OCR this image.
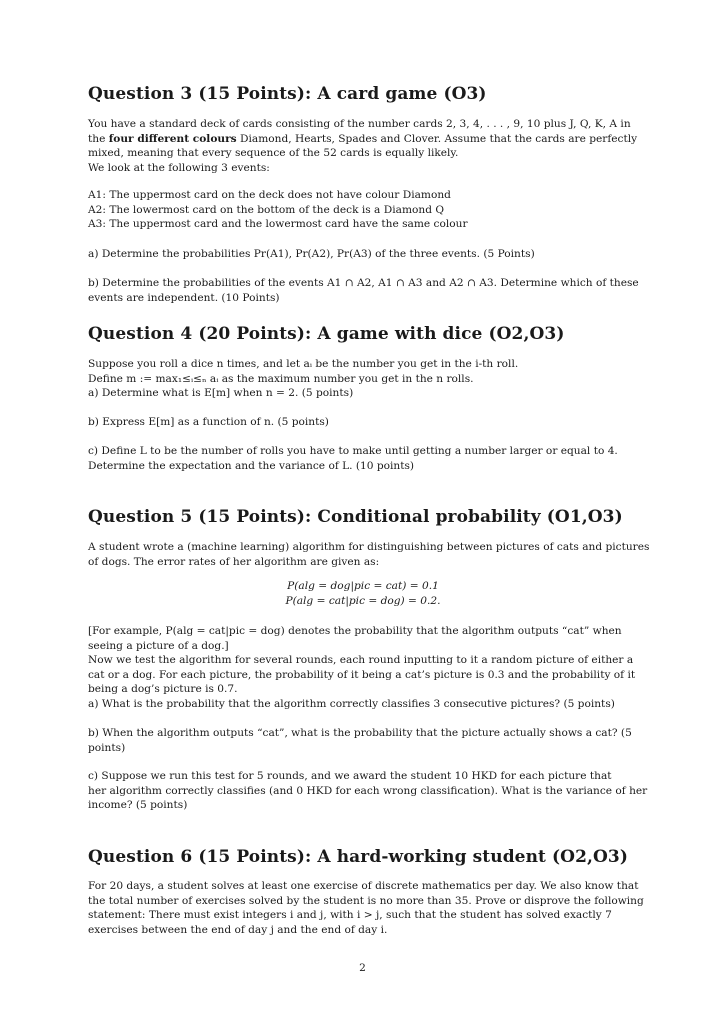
Question 3 (15 Points): A card game (O3)
You have a standard deck of cards consisting of the number cards 2, 3, 4, . . . , 9, 10 plus J, Q, K, A in
the four different colours Diamond, Hearts, Spades and Clover. Assume that the cards are perfectly
mixed, meaning that every sequence of the 52 cards is equally likely.
We look at the following 3 events:
A1: The uppermost card on the deck does not have colour Diamond
A2: The lowermost card on the bottom of the deck is a Diamond Q
A3: The uppermost card and the lowermost card have the same colour
a) Determine the probabilities Pr(A1), Pr(A2), Pr(A3) of the three events. (5 Points)
b) Determine the probabilities of the events A1 ∩ A2, A1 ∩ A3 and A2 ∩ A3. Determine which of these
events are independent. (10 Points)
Question 4 (20 Points): A game with dice (O2,O3)
Suppose you roll a dice n times, and let aᵢ be the number you get in the i-th roll.
Define m := max₁≤ᵢ≤ₙ aᵢ as the maximum number you get in the n rolls.
a) Determine what is E[m] when n = 2. (5 points)
b) Express E[m] as a function of n. (5 points)
c) Define L to be the number of rolls you have to make until getting a number larger or equal to 4.
Determine the expectation and the variance of L. (10 points)
Question 5 (15 Points): Conditional probability (O1,O3)
A student wrote a (machine learning) algorithm for distinguishing between pictures of cats and pictures
of dogs. The error rates of her algorithm are given as:
P(alg = dog|pic = cat) = 0.1
P(alg = cat|pic = dog) = 0.2.
[For example, P(alg = cat|pic = dog) denotes the probability that the algorithm outputs “cat” when
seeing a picture of a dog.]
Now we test the algorithm for several rounds, each round inputting to it a random picture of either a
cat or a dog. For each picture, the probability of it being a cat’s picture is 0.3 and the probability of it
being a dog’s picture is 0.7.
a) What is the probability that the algorithm correctly classifies 3 consecutive pictures? (5 points)
b) When the algorithm outputs “cat”, what is the probability that the picture actually shows a cat? (5
points)
c) Suppose we run this test for 5 rounds, and we award the student 10 HKD for each picture that
her algorithm correctly classifies (and 0 HKD for each wrong classification). What is the variance of her
income? (5 points)
Question 6 (15 Points): A hard-working student (O2,O3)
For 20 days, a student solves at least one exercise of discrete mathematics per day. We also know that
the total number of exercises solved by the student is no more than 35. Prove or disprove the following
statement: There must exist integers i and j, with i > j, such that the student has solved exactly 7
exercises between the end of day j and the end of day i.
2
